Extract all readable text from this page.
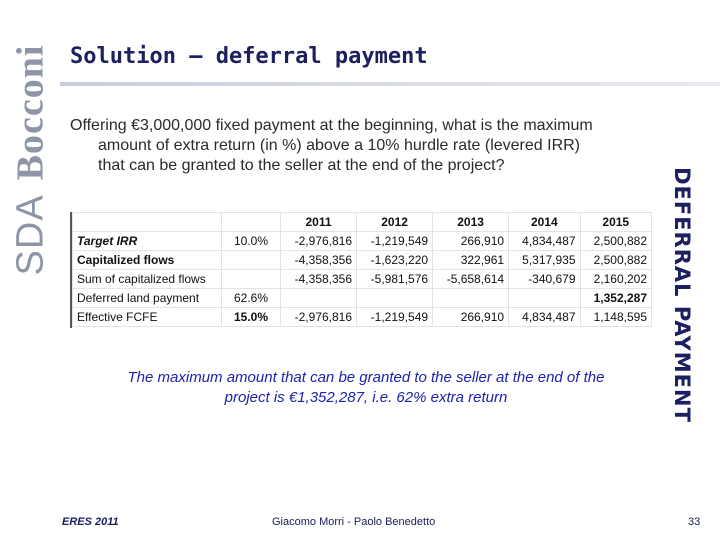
SDABocconi Solution – deferral payment
Offering €3,000,000 fixed payment at the beginning, what is the maximum
amount of extra return (in %) above a 10% hurdle rate (levered IRR)
that can be granted to the seller at the end of the project?
DEFERRAL PAYMENT
		2011	2012	2013	2014	2015
Target IRR	10.0%	-2,976,816	-1,219,549	266,910	4,834,487	2,500,882
Capitalized flows		-4,358,356	-1,623,220	322,961	5,317,935	2,500,882
Sum of capitalized flows		-4,358,356	-5,981,576	-5,658,614	-340,679	2,160,202
Deferred land payment	62.6%					1,352,287
Effective FCFE	15.0%	-2,976,816	-1,219,549	266,910	4,834,487	1,148,595
The maximum amount that can be granted to the seller at the end of the
project is €1,352,287, i.e. 62% extra return
ERES 2011	Giacomo Morri - Paolo Benedetto	33
